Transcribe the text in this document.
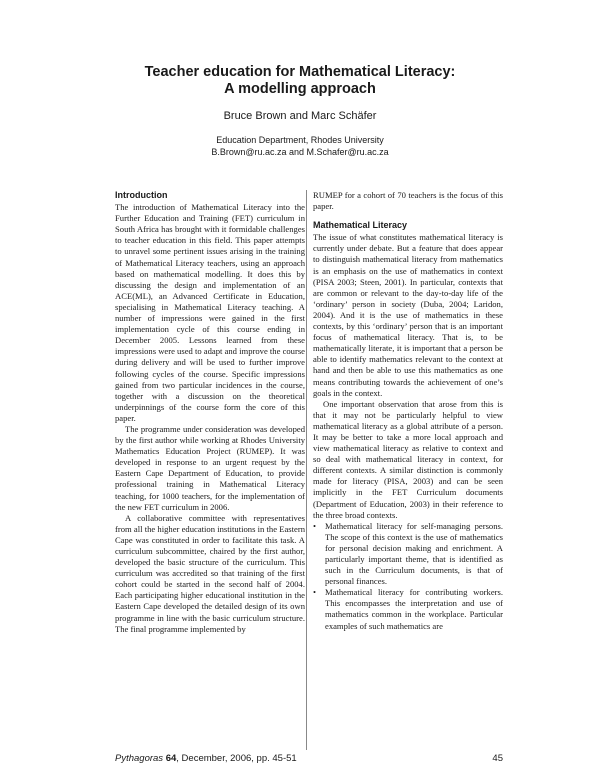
Teacher education for Mathematical Literacy:
A modelling approach
Bruce Brown and Marc Schäfer
Education Department, Rhodes University
B.Brown@ru.ac.za and M.Schafer@ru.ac.za
Introduction

The introduction of Mathematical Literacy into the Further Education and Training (FET) curriculum in South Africa has brought with it formidable challenges to teacher education in this field. This paper attempts to unravel some pertinent issues arising in the training of Mathematical Literacy teachers, using an approach based on mathematical modelling. It does this by discussing the design and implementation of an ACE(ML), an Advanced Certificate in Education, specialising in Mathematical Literacy teaching. A number of impressions were gained in the first implementation cycle of this course ending in December 2005. Lessons learned from these impressions were used to adapt and improve the course during delivery and will be used to further improve following cycles of the course. Specific impressions gained from two particular incidences in the course, together with a discussion on the theoretical underpinnings of the course form the core of this paper.

The programme under consideration was developed by the first author while working at Rhodes University Mathematics Education Project (RUMEP). It was developed in response to an urgent request by the Eastern Cape Department of Education, to provide professional training in Mathematical Literacy teaching, for 1000 teachers, for the implementation of the new FET curriculum in 2006.

A collaborative committee with representatives from all the higher education institutions in the Eastern Cape was constituted in order to facilitate this task. A curriculum subcommittee, chaired by the first author, developed the basic structure of the curriculum. This curriculum was accredited so that training of the first cohort could be started in the second half of 2004. Each participating higher educational institution in the Eastern Cape developed the detailed design of its own programme in line with the basic curriculum structure. The final programme implemented by

RUMEP for a cohort of 70 teachers is the focus of this paper.

Mathematical Literacy

The issue of what constitutes mathematical literacy is currently under debate. But a feature that does appear to distinguish mathematical literacy from mathematics is an emphasis on the use of mathematics in context (PISA 2003; Steen, 2001). In particular, contexts that are common or relevant to the day-to-day life of the ‘ordinary’ person in society (Duba, 2004; Laridon, 2004). And it is the use of mathematics in these contexts, by this ‘ordinary’ person that is an important focus of mathematical literacy. That is, to be mathematically literate, it is important that a person be able to identify mathematics relevant to the context at hand and then be able to use this mathematics as one means contributing towards the achievement of one’s goals in the context.

One important observation that arose from this is that it may not be particularly helpful to view mathematical literacy as a global attribute of a person. It may be better to take a more local approach and view mathematical literacy as relative to context and so deal with mathematical literacy in context, for different contexts. A similar distinction is commonly made for literacy (PISA, 2003) and can be seen implicitly in the FET Curriculum documents (Department of Education, 2003) in their reference to the three broad contexts.

• Mathematical literacy for self-managing persons. The scope of this context is the use of mathematics for personal decision making and enrichment. A particularly important theme, that is identified as such in the Curriculum documents, is that of personal finances.
• Mathematical literacy for contributing workers. This encompasses the interpretation and use of mathematics common in the workplace. Particular examples of such mathematics are
Pythagoras 64, December, 2006, pp. 45-51	45
